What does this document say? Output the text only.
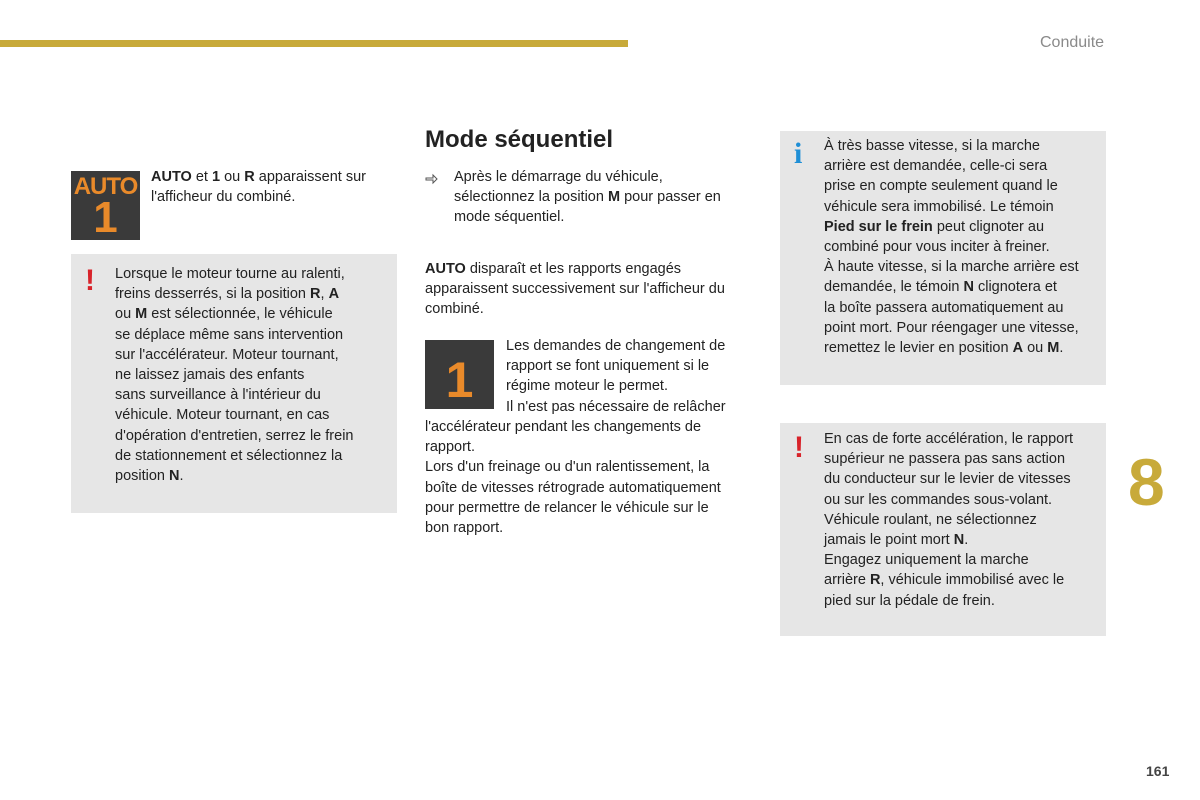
Conduite
AUTO
1

AUTO et 1 ou R apparaissent sur l'afficheur du combiné.

! Lorsque le moteur tourne au ralenti,

freins desserrés, si la position R, A

ou M est sélectionnée, le véhicule

se déplace même sans intervention

sur l'accélérateur. Moteur tournant,

ne laissez jamais des enfants

sans surveillance à l'intérieur du

véhicule. Moteur tournant, en cas

d'opération d'entretien, serrez le frein

de stationnement et sélectionnez la

position N.

Mode séquentiel

Après le démarrage du véhicule,

sélectionnez la position M pour passer en

mode séquentiel.

AUTO disparaît et les rapports engagés

apparaissent successivement sur l'afficheur du

combiné.

1

Les demandes de changement de

rapport se font uniquement si le

régime moteur le permet.

Il n'est pas nécessaire de relâcher

l'accélérateur pendant les changements de

rapport.

Lors d'un freinage ou d'un ralentissement, la

boîte de vitesses rétrograde automatiquement

pour permettre de relancer le véhicule sur le

bon rapport.

i À très basse vitesse, si la marche

arrière est demandée, celle-ci sera

prise en compte seulement quand le

véhicule sera immobilisé. Le témoin

Pied sur le frein peut clignoter au

combiné pour vous inciter à freiner.

À haute vitesse, si la marche arrière est

demandée, le témoin N clignotera et

la boîte passera automatiquement au

point mort. Pour réengager une vitesse,

remettez le levier en position A ou M.

! En cas de forte accélération, le rapport

supérieur ne passera pas sans action

du conducteur sur le levier de vitesses

ou sur les commandes sous-volant.

Véhicule roulant, ne sélectionnez

jamais le point mort N.

Engagez uniquement la marche

arrière R, véhicule immobilisé avec le

pied sur la pédale de frein.

8
161
